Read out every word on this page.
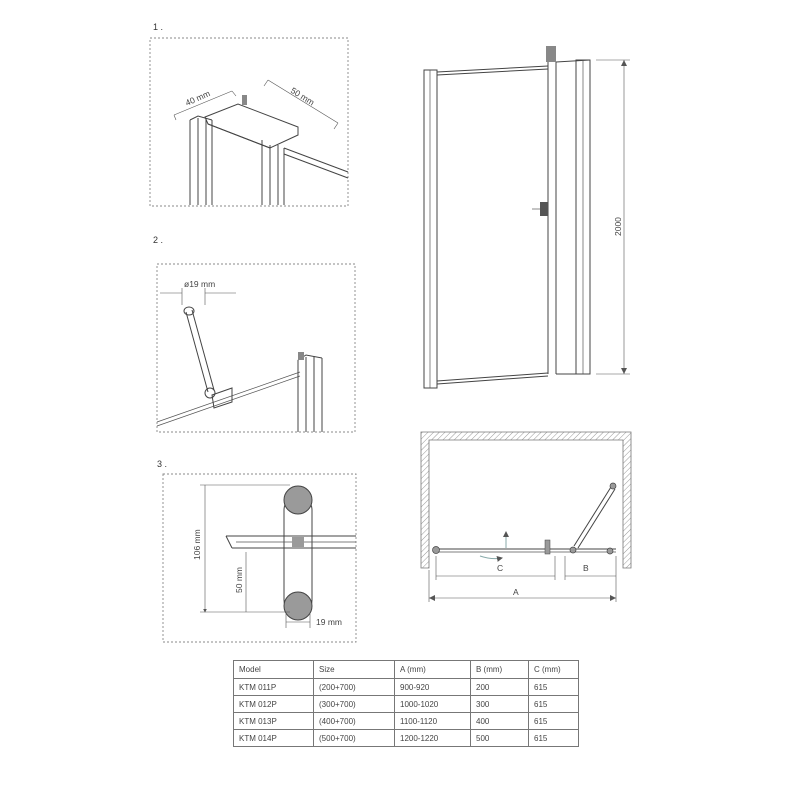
1 .
40 mm	50 mm
2 .
ø19 mm
3 .
106 mm
50 mm
19 mm
2000
C	B
A
Model	Size	A (mm)	B (mm)	C (mm)
KTM 011P	(200+700)	900-920	200	615
KTM 012P	(300+700)	1000-1020	300	615
KTM 013P	(400+700)	1100-1120	400	615
KTM 014P	(500+700)	1200-1220	500	615
